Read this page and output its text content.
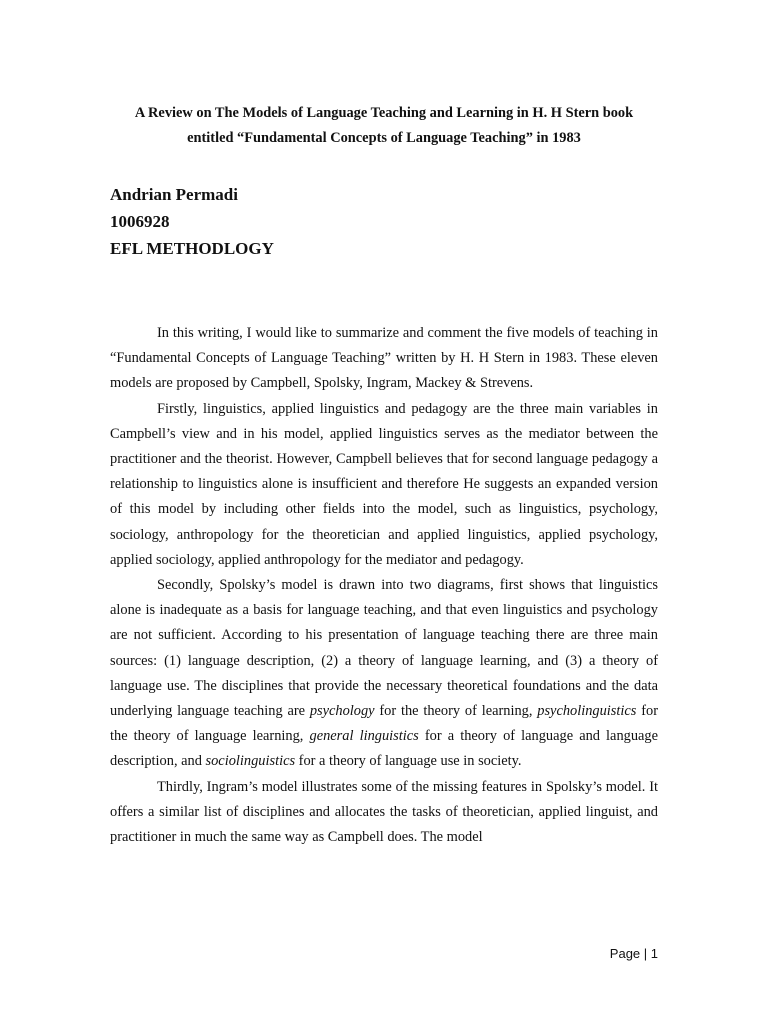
A Review on The Models of Language Teaching and Learning in H. H Stern book
entitled “Fundamental Concepts of Language Teaching” in 1983
Andrian Permadi
1006928
EFL METHODLOGY

In this writing, I would like to summarize and comment the five models of teaching in “Fundamental Concepts of Language Teaching” written by H. H Stern in 1983. These eleven models are proposed by Campbell, Spolsky, Ingram, Mackey & Strevens.

Firstly, linguistics, applied linguistics and pedagogy are the three main variables in Campbell’s view and in his model, applied linguistics serves as the mediator between the practitioner and the theorist. However, Campbell believes that for second language pedagogy a relationship to linguistics alone is insufficient and therefore He suggests an expanded version of this model by including other fields into the model, such as linguistics, psychology, sociology, anthropology for the theoretician and applied linguistics, applied psychology, applied sociology, applied anthropology for the mediator and pedagogy.

Secondly, Spolsky’s model is drawn into two diagrams, first shows that linguistics alone is inadequate as a basis for language teaching, and that even linguistics and psychology are not sufficient. According to his presentation of language teaching there are three main sources: (1) language description, (2) a theory of language learning, and (3) a theory of language use. The disciplines that provide the necessary theoretical foundations and the data underlying language teaching are psychology for the theory of learning, psycholinguistics for the theory of language learning, general linguistics for a theory of language and language description, and sociolinguistics for a theory of language use in society.

Thirdly, Ingram’s model illustrates some of the missing features in Spolsky’s model. It offers a similar list of disciplines and allocates the tasks of theoretician, applied linguist, and practitioner in much the same way as Campbell does. The model

Page | 1
